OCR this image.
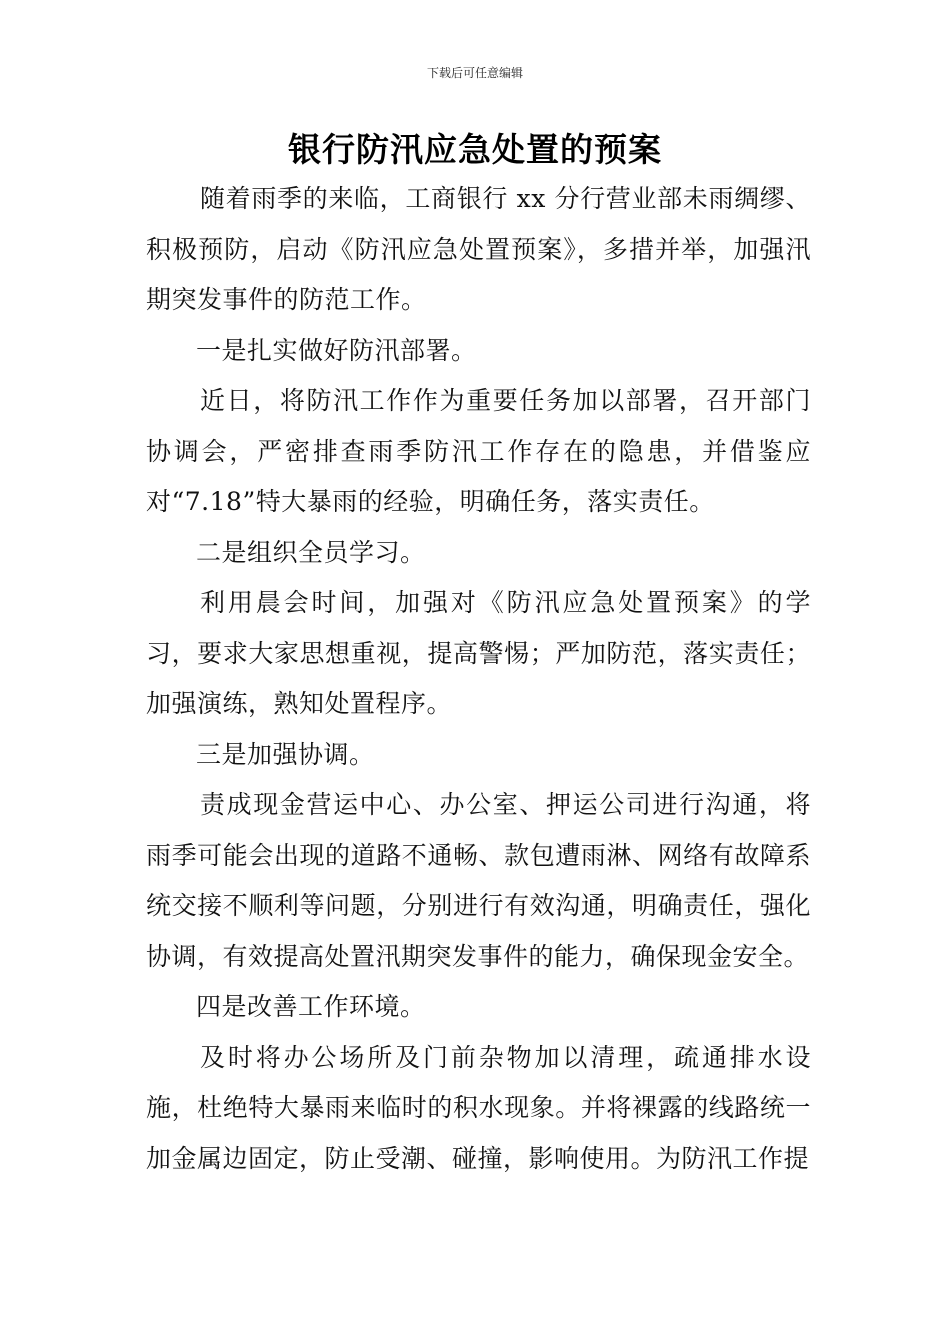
下载后可任意编辑
银行防汛应急处置的预案

随着雨季的来临，工商银行 xx 分行营业部未雨绸缪、积极预防，启动《防汛应急处置预案》，多措并举，加强汛期突发事件的防范工作。

一是扎实做好防汛部署。

近日，将防汛工作作为重要任务加以部署，召开部门协调会，严密排查雨季防汛工作存在的隐患，并借鉴应对“7.18”特大暴雨的经验，明确任务，落实责任。

二是组织全员学习。

利用晨会时间，加强对《防汛应急处置预案》的学习，要求大家思想重视，提高警惕；严加防范，落实责任；加强演练，熟知处置程序。

三是加强协调。

责成现金营运中心、办公室、押运公司进行沟通，将雨季可能会出现的道路不通畅、款包遭雨淋、网络有故障系统交接不顺利等问题，分别进行有效沟通，明确责任，强化协调，有效提高处置汛期突发事件的能力，确保现金安全。

四是改善工作环境。

及时将办公场所及门前杂物加以清理，疏通排水设施，杜绝特大暴雨来临时的积水现象。并将裸露的线路统一加金属边固定，防止受潮、碰撞，影响使用。为防汛工作提
